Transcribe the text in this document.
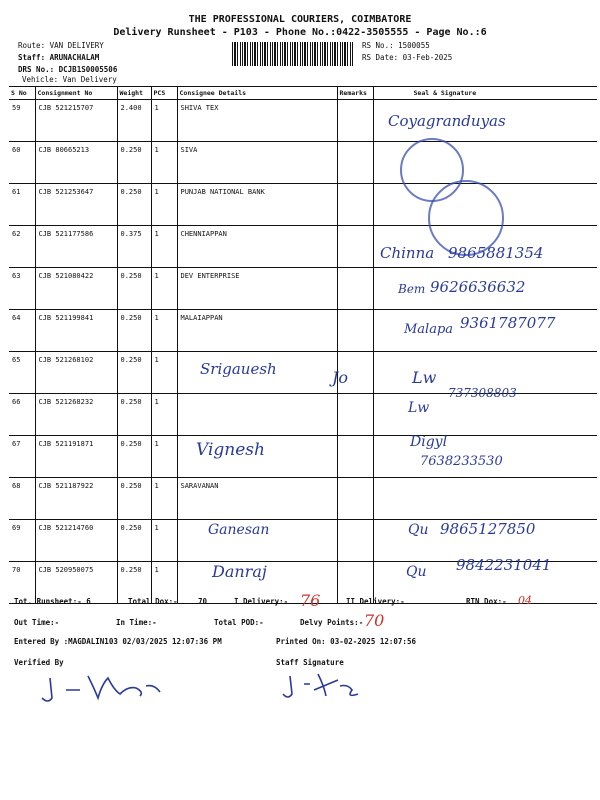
THE PROFESSIONAL COURIERS, COIMBATORE
Delivery Runsheet - P103 - Phone No.:0422-3505555 - Page No.:6
Route: VAN DELIVERY
Staff: ARUNACHALAM
DRS No.: DCJB1S0005506
Vehicle: Van Delivery
RS No.: 1500055
RS Date: 03-Feb-2025
S No	Consignment No	Weight	PCS	Consignee Details	Remarks	Seal & Signature
59	CJB 521215707	2.400	1	SHIVA TEX		
60	CJB 80665213	0.250	1	SIVA		
61	CJB 521253647	0.250	1	PUNJAB NATIONAL BANK		
62	CJB 521177586	0.375	1	CHENNIAPPAN		
63	CJB 521080422	0.250	1	DEV ENTERPRISE		
64	CJB 521199841	0.250	1	MALAIAPPAN		
65	CJB 521268102	0.250	1			
66	CJB 521268232	0.250	1			
67	CJB 521191871	0.250	1			
68	CJB 521187922	0.250	1	SARAVANAN		
69	CJB 521214760	0.250	1			
70	CJB 520950075	0.250	1			
Coyagranduyas
Chinna 9865881354
Bem 9626636632
Malapa 9361787077
Srigauesh	Jo	Lw
Lw
737308803
Vignesh	Digyl
7638233530
Ganesan	Qu 9865127850
Danraj	Qu 9842231041
Tot. Runsheet:- 6	Total Dox:-	70	I Delivery:- 76	II Delivery:-	RTN Dox:- 04
Out Time:-	In Time:-	Total POD:-	Delvy Points:- 70
Entered By :MAGDALIN103 02/03/2025 12:07:36 PM	Printed On: 03-02-2025 12:07:56
Verified By	Staff Signature
